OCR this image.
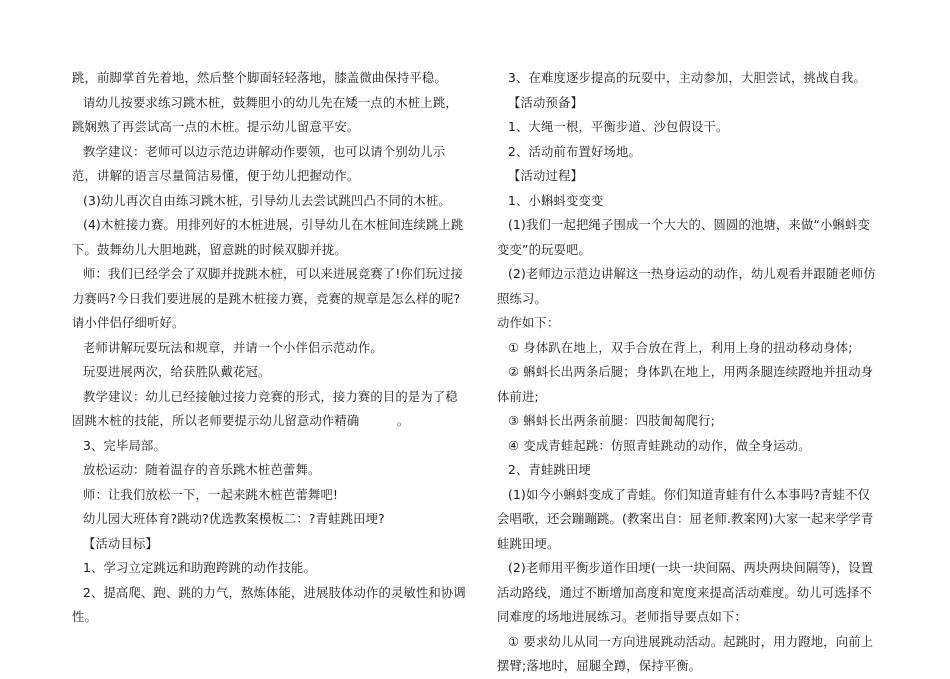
跳，前脚掌首先着地，然后整个脚面轻轻落地，膝盖微曲保持平稳。

请幼儿按要求练习跳木桩，鼓舞胆小的幼儿先在矮一点的木桩上跳，跳娴熟了再尝试高一点的木桩。提示幼儿留意平安。

教学建议：老师可以边示范边讲解动作要领，也可以请个别幼儿示范，讲解的语言尽量简洁易懂，便于幼儿把握动作。

(3)幼儿再次自由练习跳木桩，引导幼儿去尝试跳凹凸不同的木桩。

(4)木桩接力赛。用排列好的木桩进展，引导幼儿在木桩间连续跳上跳下。鼓舞幼儿大胆地跳，留意跳的时候双脚并拢。

师：我们已经学会了双脚并拢跳木桩，可以来进展竞赛了!你们玩过接力赛吗?今日我们要进展的是跳木桩接力赛，竞赛的规章是怎么样的呢?请小伴侣仔细听好。

老师讲解玩耍玩法和规章，并请一个小伴侣示范动作。

玩耍进展两次，给获胜队戴花冠。

教学建议：幼儿已经接触过接力竞赛的形式，接力赛的目的是为了稳固跳木桩的技能，所以老师要提示幼儿留意动作精确　　　。

3、完毕局部。

放松运动：随着温存的音乐跳木桩芭蕾舞。

师：让我们放松一下，一起来跳木桩芭蕾舞吧!

幼儿园大班体育?跳动?优选教案模板二：?青蛙跳田埂?

【活动目标】

1、学习立定跳远和助跑跨跳的动作技能。

2、提高爬、跑、跳的力气，熬炼体能，进展肢体动作的灵敏性和协调性。

3、在难度逐步提高的玩耍中，主动参加，大胆尝试，挑战自我。

【活动预备】

1、大绳一根，平衡步道、沙包假设干。

2、活动前布置好场地。

【活动过程】

1、小蝌蚪变变变

(1)我们一起把绳子围成一个大大的、圆圆的池塘，来做“小蝌蚪变变变”的玩耍吧。

(2)老师边示范边讲解这一热身运动的动作，幼儿观看并跟随老师仿照练习。

动作如下：

① 身体趴在地上，双手合放在背上，利用上身的扭动移动身体;

② 蝌蚪长出两条后腿；身体趴在地上，用两条腿连续蹬地并扭动身体前进;

③ 蝌蚪长出两条前腿：四肢匍匐爬行;

④ 变成青蛙起跳：仿照青蛙跳动的动作，做全身运动。

2、青蛙跳田埂

(1)如今小蝌蚪变成了青蛙。你们知道青蛙有什么本事吗?青蛙不仅会唱歌，还会蹦蹦跳。(教案出自：屈老师.教案网)大家一起来学学青蛙跳田埂。

(2)老师用平衡步道作田埂(一块一块间隔、两块两块间隔等)，设置活动路线，通过不断增加高度和宽度来提高活动难度。幼儿可选择不同难度的场地进展练习。老师指导要点如下：

① 要求幼儿从同一方向进展跳动活动。起跳时，用力蹬地，向前上摆臂;落地时，屈腿全蹲，保持平衡。
